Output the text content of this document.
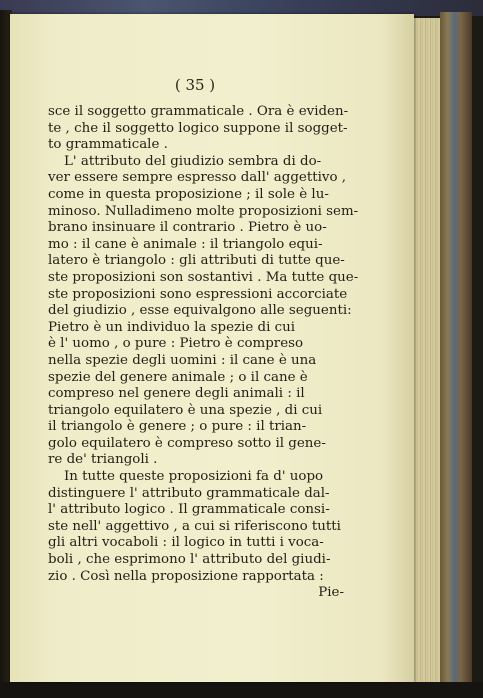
( 35 )
sce il soggetto grammaticale . Ora è eviden-
te , che il soggetto logico suppone il sogget-
to grammaticale .
L' attributo del giudizio sembra di do-
ver essere sempre espresso dall' aggettivo ,
come in questa proposizione ; il sole è lu-
minoso. Nulladimeno molte proposizioni sem-
brano insinuare il contrario . Pietro è uo-
mo : il cane è animale : il triangolo equi-
latero è triangolo : gli attributi di tutte que-
ste proposizioni son sostantivi . Ma tutte que-
ste proposizioni sono espressioni accorciate
del giudizio , esse equivalgono alle seguenti:
Pietro è un individuo la spezie di cui
è l' uomo , o pure : Pietro è compreso
nella spezie degli uomini : il cane è una
spezie del genere animale ; o il cane è
compreso nel genere degli animali : il
triangolo equilatero è una spezie , di cui
il triangolo è genere ; o pure : il trian-
golo equilatero è compreso sotto il gene-
re de' triangoli .
In tutte queste proposizioni fa d' uopo
distinguere l' attributo grammaticale dal-
l' attributo logico . Il grammaticale consi-
ste nell' aggettivo , a cui si riferiscono tutti
gli altri vocaboli : il logico in tutti i voca-
boli , che esprimono l' attributo del giudi-
zio . Così nella proposizione rapportata :
Pie-
